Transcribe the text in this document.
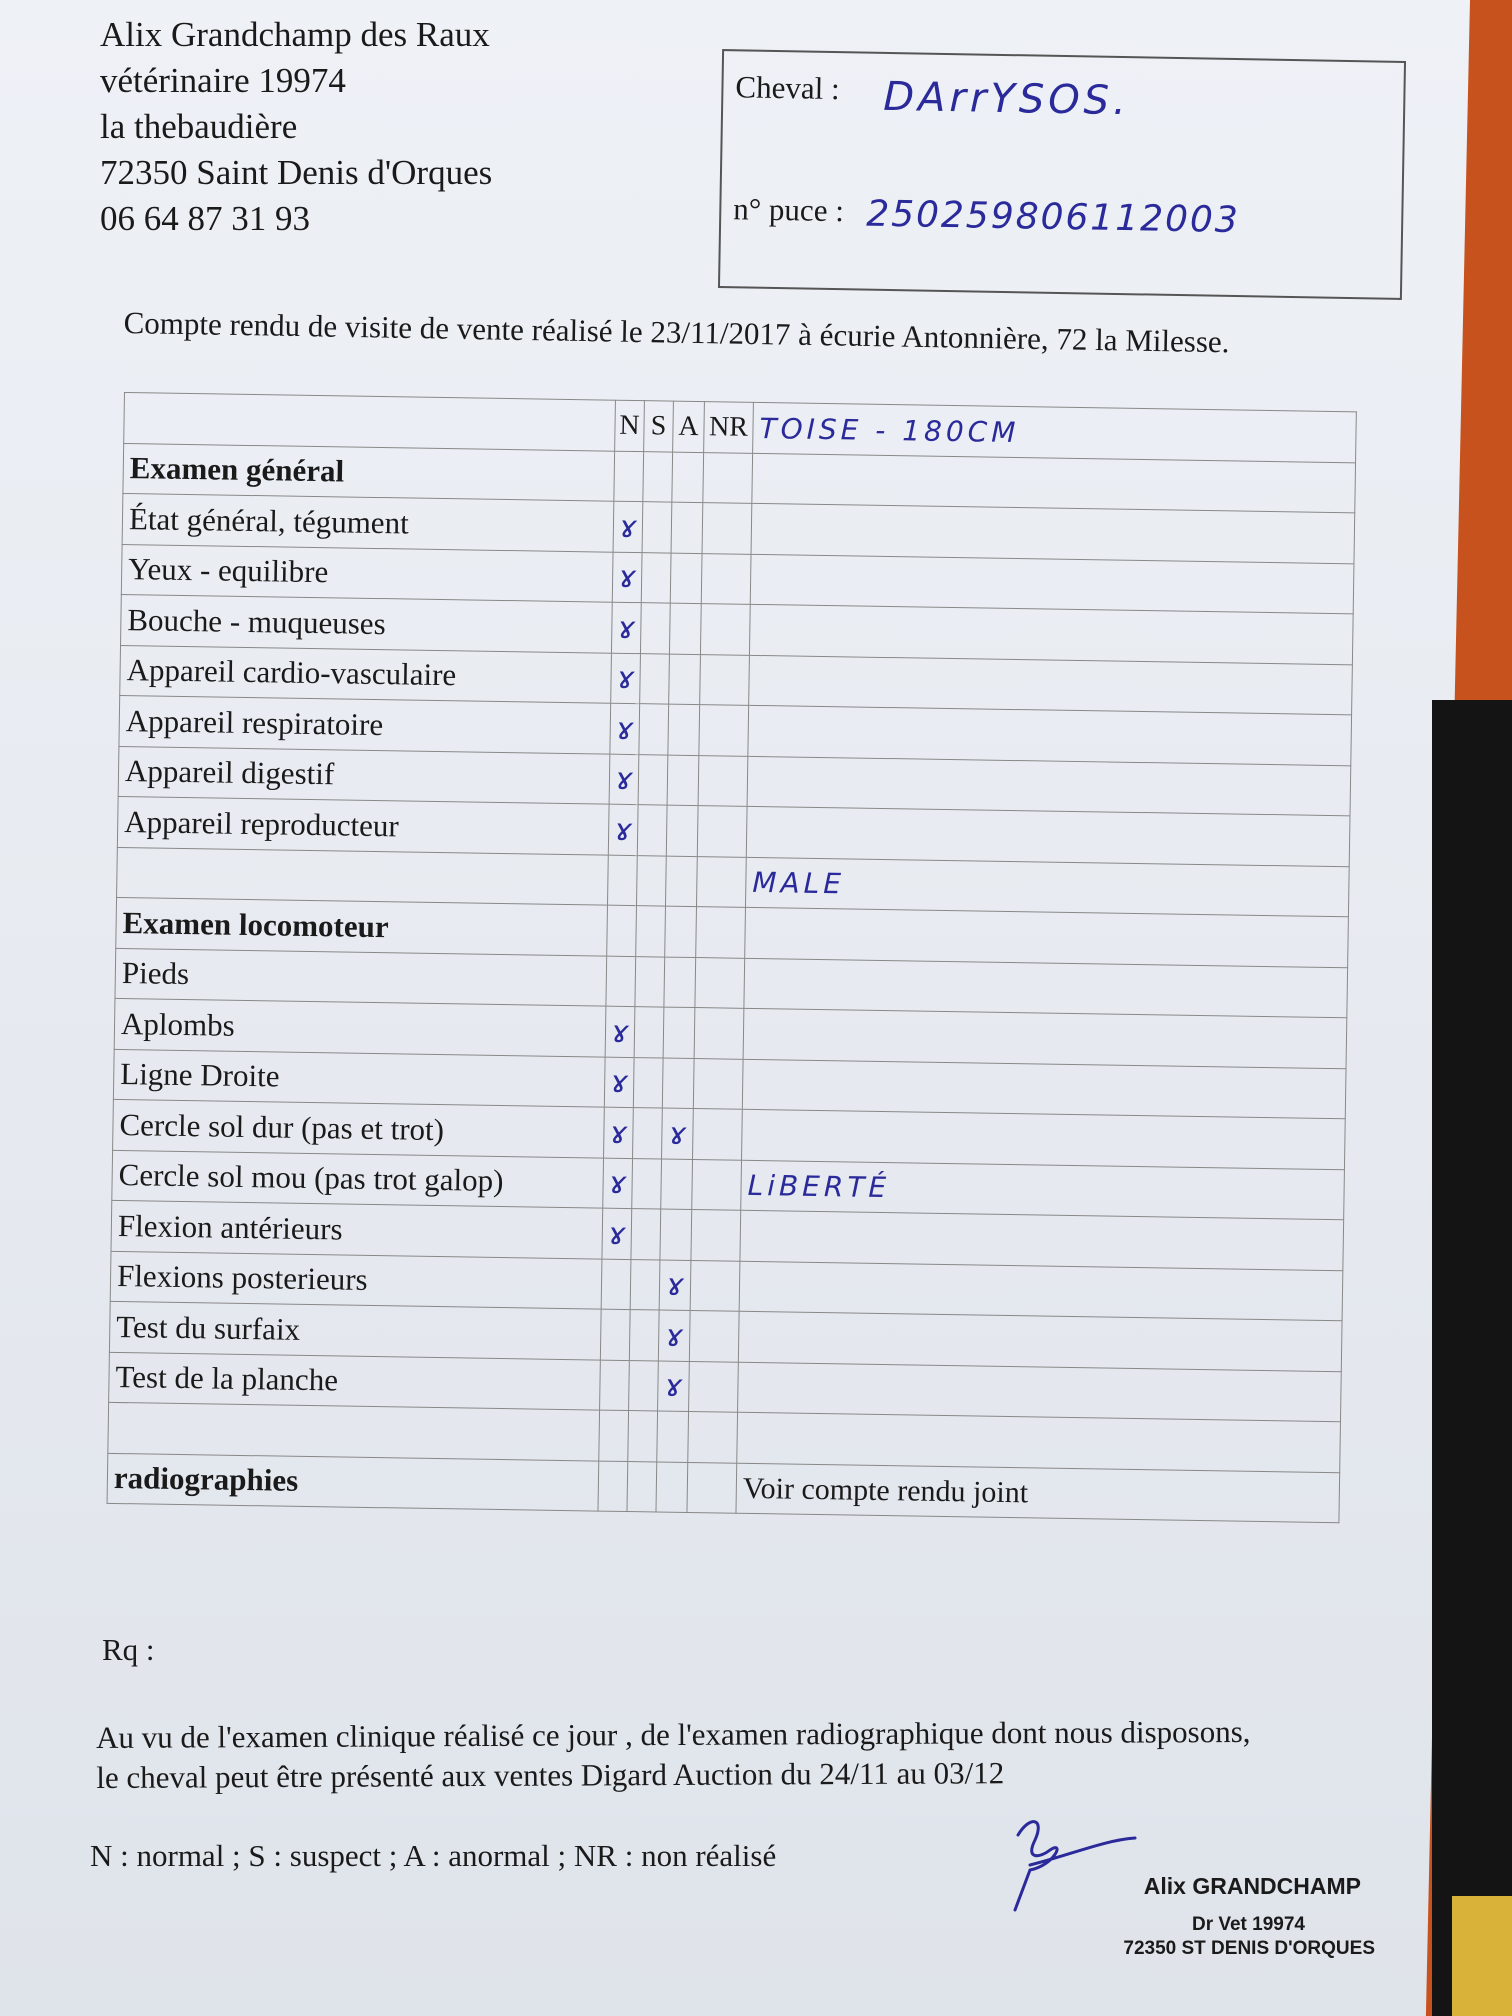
Alix Grandchamp des Raux
vétérinaire 19974
la thebaudière
72350 Saint Denis d'Orques
06 64 87 31 93
Cheval : DArrYSOS.
n° puce : 250259806112003
Compte rendu de visite de vente réalisé le 23/11/2017 à écurie Antonnière, 72 la Milesse.
	N	S	A	NR	TOISE - 180CM
Examen général					
État général, tégument	ɤ				
Yeux - equilibre	ɤ				
Bouche - muqueuses	ɤ				
Appareil cardio-vasculaire	ɤ				
Appareil respiratoire	ɤ				
Appareil digestif	ɤ				
Appareil reproducteur	ɤ				
					MALE
Examen locomoteur					
Pieds					
Aplombs	ɤ				
Ligne Droite	ɤ				
Cercle sol dur (pas et trot)	ɤ		ɤ		
Cercle sol mou (pas trot galop)	ɤ				LiBERTÉ
Flexion antérieurs	ɤ				
Flexions posterieurs			ɤ		
Test du surfaix			ɤ		
Test de la planche			ɤ		

radiographies					Voir compte rendu joint
Rq :
Au vu de l'examen clinique réalisé ce jour , de l'examen radiographique dont nous disposons, le cheval peut être présenté aux ventes Digard Auction du 24/11 au 03/12
N : normal ; S : suspect ; A : anormal ; NR : non réalisé
Alix GRANDCHAMP
Dr Vet 19974
72350 ST DENIS D'ORQUES
